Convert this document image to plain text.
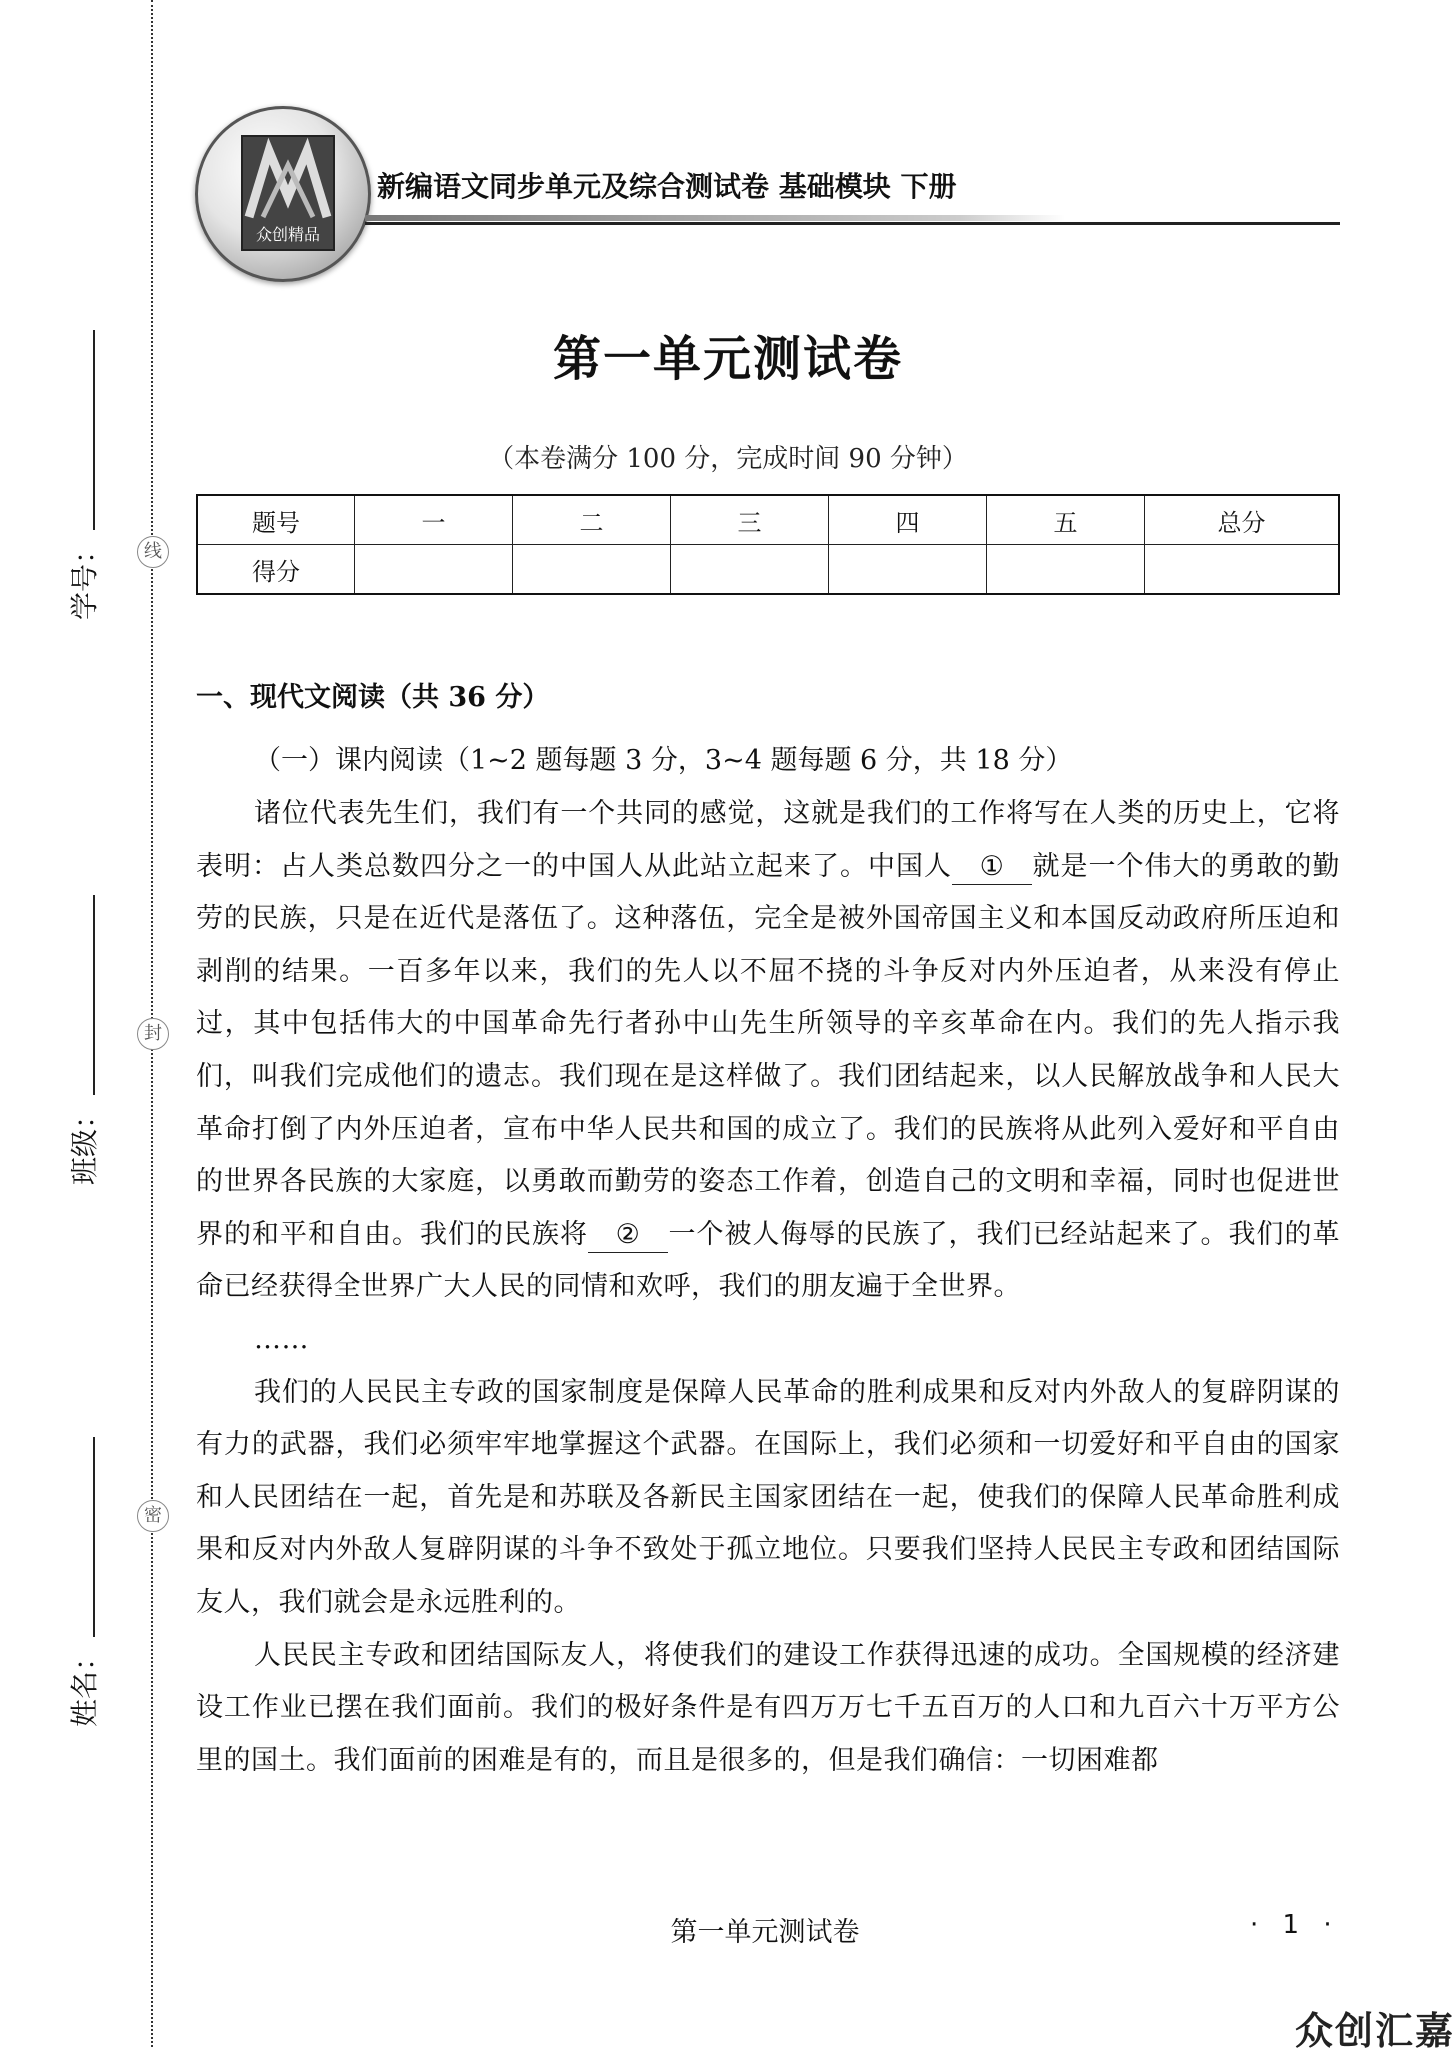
学号：
班级：
姓名：
线
封
密
众创精品
新编语文同步单元及综合测试卷 基础模块 下册
第一单元测试卷
（本卷满分 100 分，完成时间 90 分钟）
题号	一	二	三	四	五	总分
得分						
一、现代文阅读（共 36 分）
（一）课内阅读（1~2 题每题 3 分，3~4 题每题 6 分，共 18 分）

诸位代表先生们，我们有一个共同的感觉，这就是我们的工作将写在人类的历史上，它将表明：占人类总数四分之一的中国人从此站立起来了。中国人 ① 就是一个伟大的勇敢的勤劳的民族，只是在近代是落伍了。这种落伍，完全是被外国帝国主义和本国反动政府所压迫和剥削的结果。一百多年以来，我们的先人以不屈不挠的斗争反对内外压迫者，从来没有停止过，其中包括伟大的中国革命先行者孙中山先生所领导的辛亥革命在内。我们的先人指示我们，叫我们完成他们的遗志。我们现在是这样做了。我们团结起来，以人民解放战争和人民大革命打倒了内外压迫者，宣布中华人民共和国的成立了。我们的民族将从此列入爱好和平自由的世界各民族的大家庭，以勇敢而勤劳的姿态工作着，创造自己的文明和幸福，同时也促进世界的和平和自由。我们的民族将 ② 一个被人侮辱的民族了，我们已经站起来了。我们的革命已经获得全世界广大人民的同情和欢呼，我们的朋友遍于全世界。

……

我们的人民民主专政的国家制度是保障人民革命的胜利成果和反对内外敌人的复辟阴谋的有力的武器，我们必须牢牢地掌握这个武器。在国际上，我们必须和一切爱好和平自由的国家和人民团结在一起，首先是和苏联及各新民主国家团结在一起，使我们的保障人民革命胜利成果和反对内外敌人复辟阴谋的斗争不致处于孤立地位。只要我们坚持人民民主专政和团结国际友人，我们就会是永远胜利的。

人民民主专政和团结国际友人，将使我们的建设工作获得迅速的成功。全国规模的经济建设工作业已摆在我们面前。我们的极好条件是有四万万七千五百万的人口和九百六十万平方公里的国土。我们面前的困难是有的，而且是很多的，但是我们确信：一切困难都

第一单元测试卷	· 1 ·
众创汇嘉
